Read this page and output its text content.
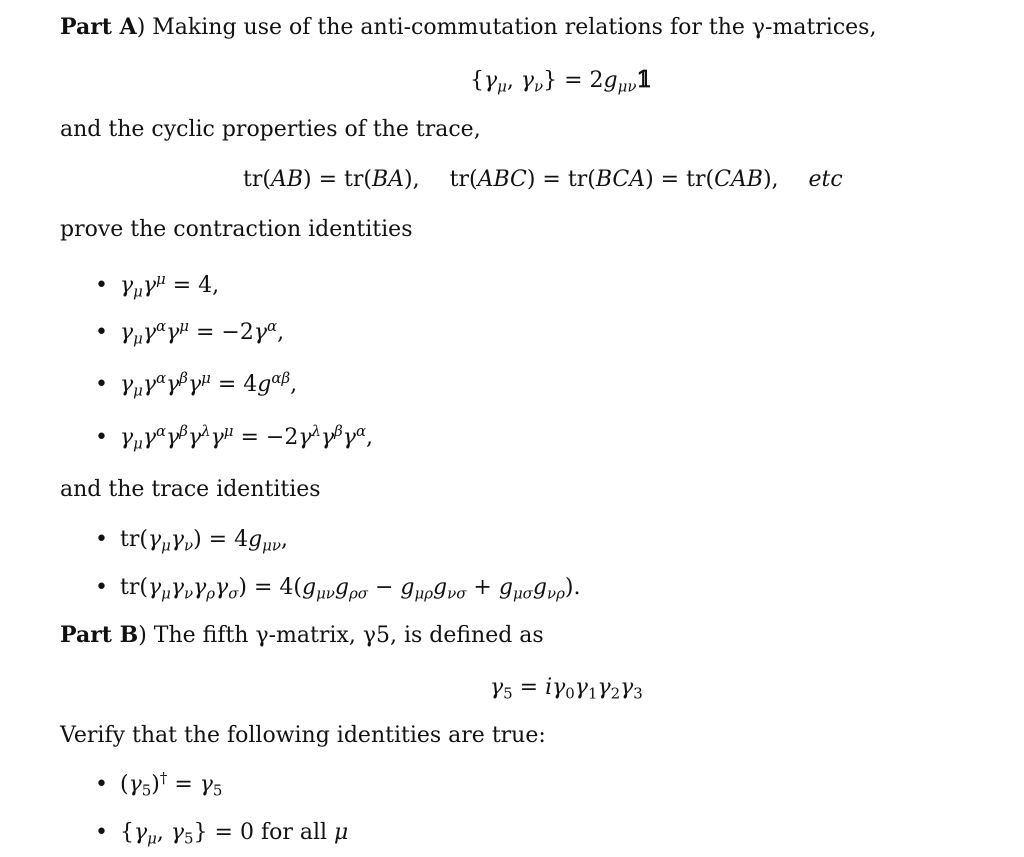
Part A) Making use of the anti-commutation relations for the γ-matrices,
{$\gamma_\mu$, $\gamma_\nu$} = $2g_{\mu\nu}𝟙$
and the cyclic properties of the trace,
tr(AB) = tr(BA), tr(ABC) = tr(BCA) = tr(CAB), etc
prove the contraction identities
• $\gamma_\mu\gamma^\mu = 4$,
• $\gamma_\mu\gamma^\alpha\gamma^\mu = -2\gamma^\alpha$,
• $\gamma_\mu\gamma^\alpha\gamma^\beta\gamma^\mu = 4g^{\alpha\beta}$,
• $\gamma_\mu\gamma^\alpha\gamma^\beta\gamma^\lambda\gamma^\mu = -2\gamma^\lambda\gamma^\beta\gamma^\alpha$,
and the trace identities
• $tr(\gamma_\mu\gamma_\nu) = 4g_{\mu\nu}$,
• $tr(\gamma_\mu\gamma_\nu\gamma_\rho\gamma_\sigma) = 4(g_{\mu\nu}g_{\rho\sigma} - g_{\mu\rho}g_{\nu\sigma} + g_{\mu\sigma}g_{\nu\rho})$.
Part B) The fifth γ-matrix, γ5, is defined as
$\gamma_5 = i\gamma_0\gamma_1\gamma_2\gamma_3$
Verify that the following identities are true:
• $(\gamma_5)^\dagger = \gamma_5$
• {$\gamma_\mu$, $\gamma_5\} = 0$ for all μ
